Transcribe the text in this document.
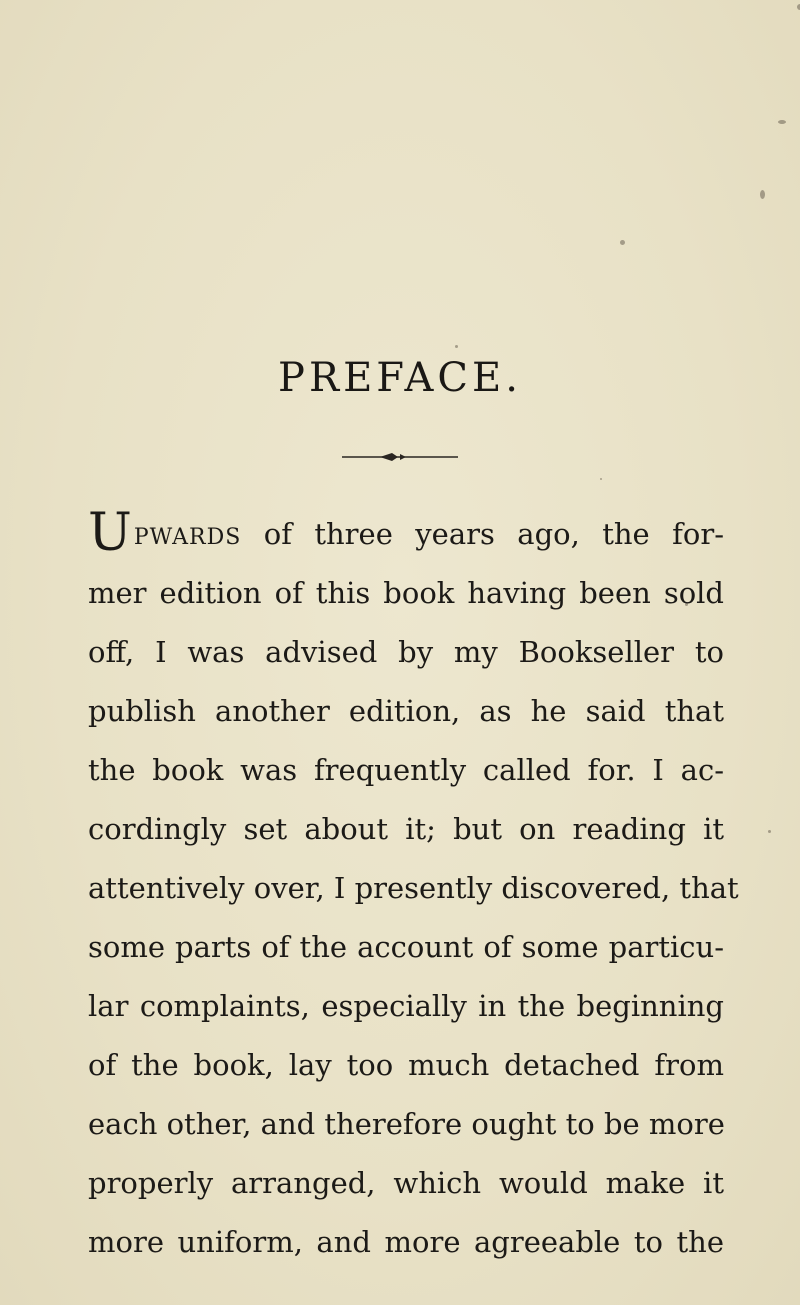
PREFACE.
UPWARDS of three years ago, the for-
mer edition of this book having been sold
off, I was advised by my Bookseller to
publish another edition, as he said that
the book was frequently called for. I ac-
cordingly set about it; but on reading it
attentively over, I presently discovered, that
some parts of the account of some particu-
lar complaints, especially in the beginning
of the book, lay too much detached from
each other, and therefore ought to be more
properly arranged, which would make it
more uniform, and more agreeable to the
